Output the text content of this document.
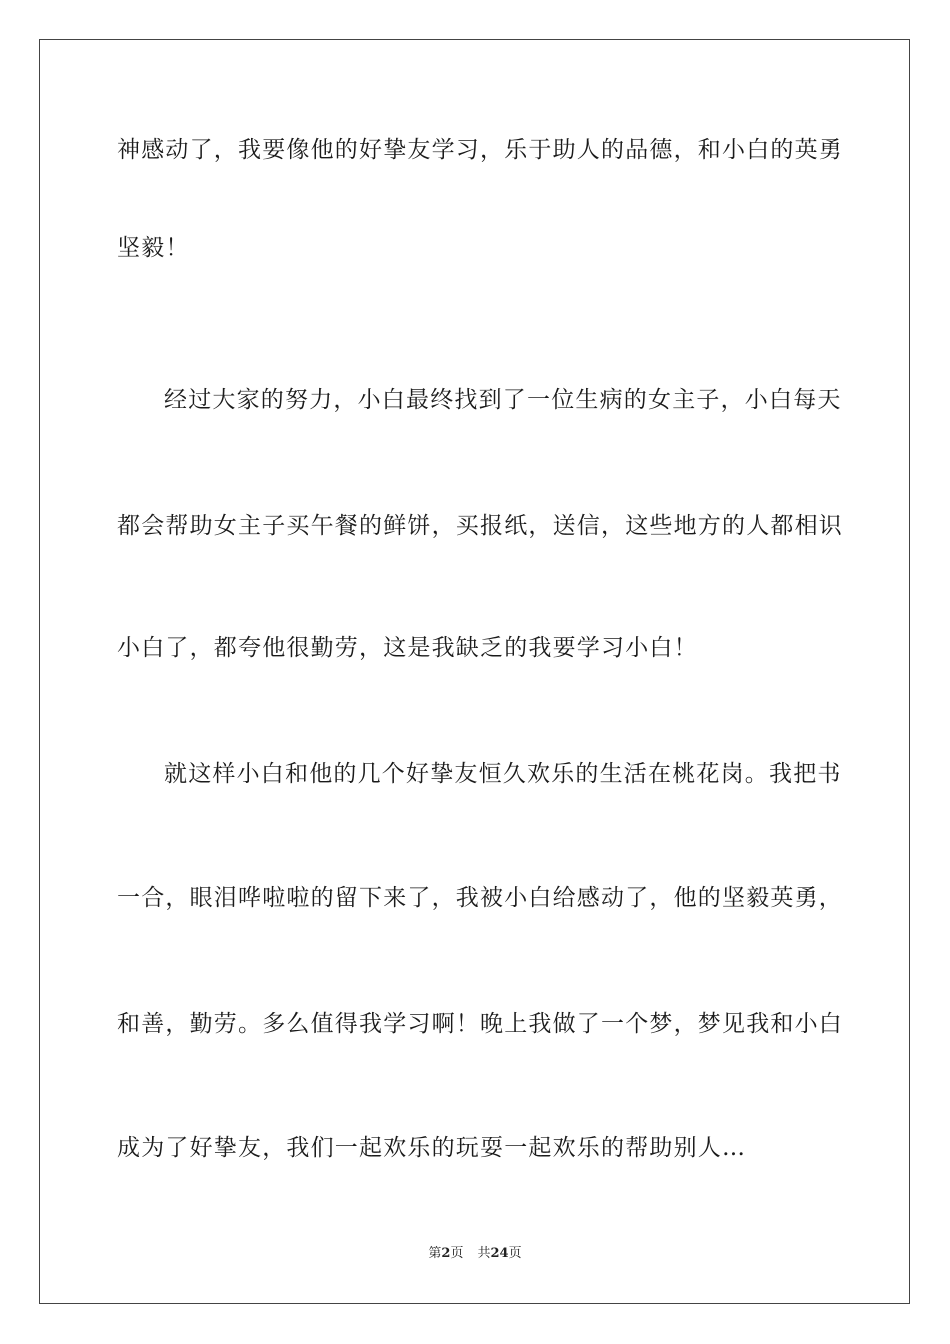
神感动了，我要像他的好挚友学习，乐于助人的品德，和小白的英勇
坚毅！
经过大家的努力，小白最终找到了一位生病的女主子，小白每天
都会帮助女主子买午餐的鲜饼，买报纸，送信，这些地方的人都相识
小白了，都夸他很勤劳，这是我缺乏的我要学习小白！
就这样小白和他的几个好挚友恒久欢乐的生活在桃花岗。我把书
一合，眼泪哗啦啦的留下来了，我被小白给感动了，他的坚毅英勇，
和善，勤劳。多么值得我学习啊！晚上我做了一个梦，梦见我和小白
成为了好挚友，我们一起欢乐的玩耍一起欢乐的帮助别人…
第2页 共24页
